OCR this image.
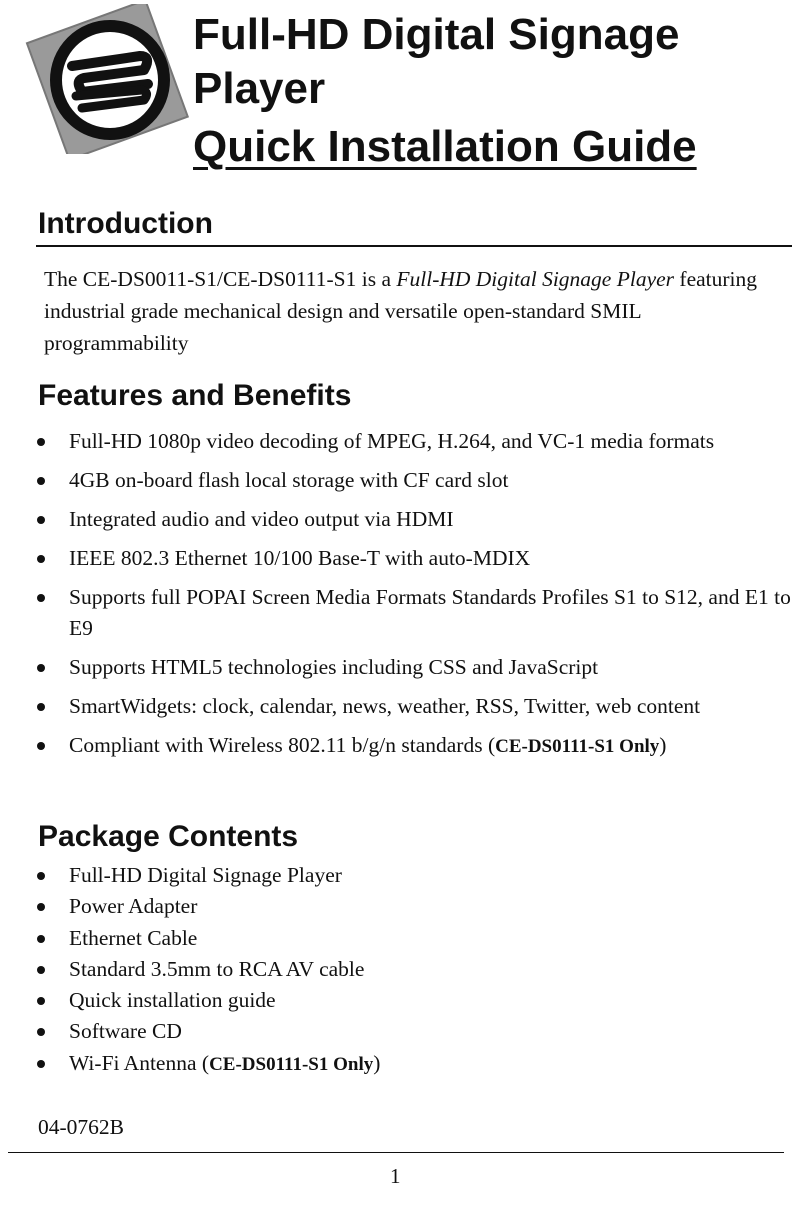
Full-HD Digital Signage
Player
Quick Installation Guide
Introduction
The CE-DS0011-S1/CE-DS0111-S1 is a Full-HD Digital Signage Player featuring industrial grade mechanical design and versatile open-standard SMIL programmability
Features and Benefits
Full-HD 1080p video decoding of MPEG, H.264, and VC-1 media formats
4GB on-board flash local storage with CF card slot
Integrated audio and video output via HDMI
IEEE 802.3 Ethernet 10/100 Base-T with auto-MDIX
Supports full POPAI Screen Media Formats Standards Profiles S1 to S12, and E1 to E9
Supports HTML5 technologies including CSS and JavaScript
SmartWidgets: clock, calendar, news, weather, RSS, Twitter, web content
Compliant with Wireless 802.11 b/g/n standards (CE-DS0111-S1 Only)
Package Contents
Full-HD Digital Signage Player
Power Adapter
Ethernet Cable
Standard 3.5mm to RCA AV cable
Quick installation guide
Software CD
Wi-Fi Antenna (CE-DS0111-S1 Only)
04-0762B
1
